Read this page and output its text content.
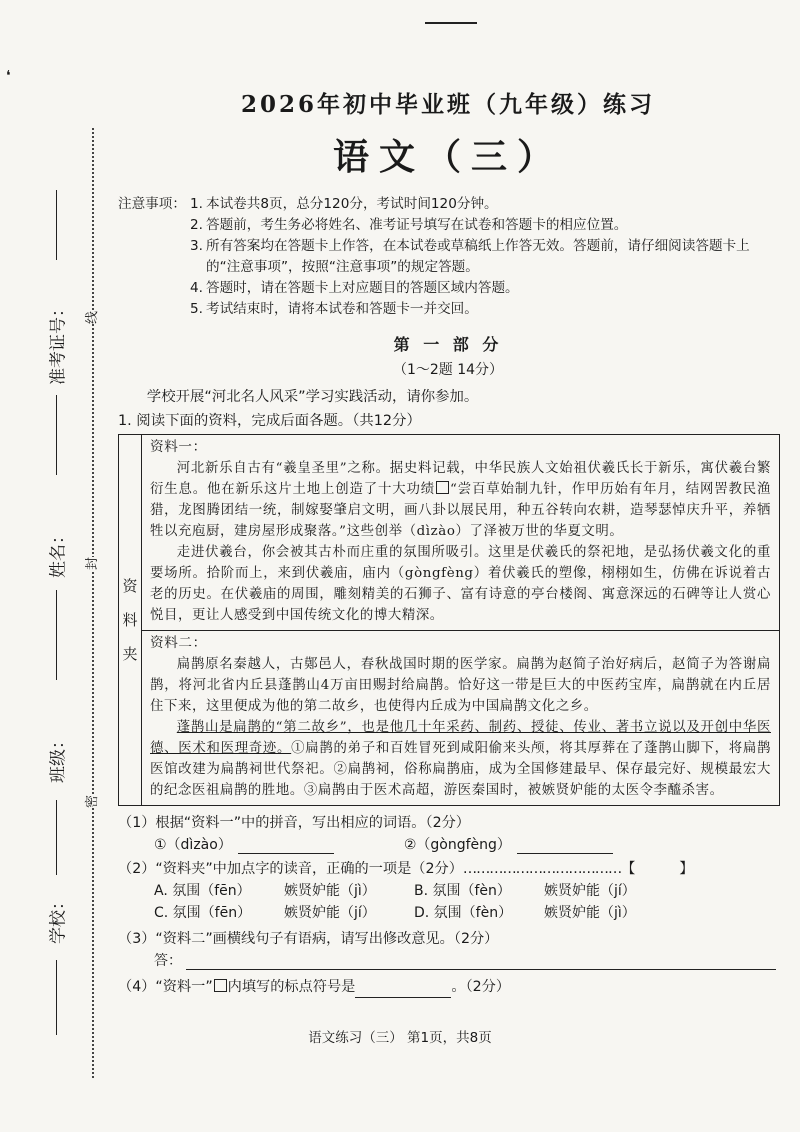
❛
准考证号：	线
姓名：	封
班级：
密
学校：
2026年初中毕业班（九年级）练习
语文（三）
注意事项： 1. 本试卷共8页，总分120分，考试时间120分钟。
2. 答题前，考生务必将姓名、准考证号填写在试卷和答题卡的相应位置。
3. 所有答案均在答题卡上作答，在本试卷或草稿纸上作答无效。答题前，请仔细阅读答题卡上的“注意事项”，按照“注意事项”的规定答题。
4. 答题时，请在答题卡上对应题目的答题区域内答题。
5. 考试结束时，请将本试卷和答题卡一并交回。
第 一 部 分
（1～2题 14分）
学校开展“河北名人风采”学习实践活动，请你参加。
1. 阅读下面的资料，完成后面各题。（共12分）
资
料
夹
资料一：

河北新乐自古有“羲皇圣里”之称。据史料记载，中华民族人文始祖伏羲氏长于新乐，寓伏羲台繁衍生息。他在新乐这片土地上创造了十大功绩 “尝百草始制九针，作甲历始有年月，结网罟教民渔猎，龙图腾团结一统，制嫁娶肇启文明，画八卦以展民用，种五谷转向农耕，造琴瑟悼庆升平，养牺牲以充庖厨，建房屋形成聚落。”这些创举（dìzào）了泽被万世的华夏文明。

走进伏羲台，你会被其古朴而庄重的氛围所吸引。这里是伏羲氏的祭祀地，是弘扬伏羲文化的重要场所。拾阶而上，来到伏羲庙，庙内（gòngfèng）着伏羲氏的塑像，栩栩如生，仿佛在诉说着古老的历史。在伏羲庙的周围，雕刻精美的石狮子、富有诗意的亭台楼阁、寓意深远的石碑等让人赏心悦目，更让人感受到中国传统文化的博大精深。

资料二：

扁鹊原名秦越人，古鄚邑人，春秋战国时期的医学家。扁鹊为赵简子治好病后，赵简子为答谢扁鹊，将河北省内丘县蓬鹊山4万亩田赐封给扁鹊。恰好这一带是巨大的中医药宝库，扁鹊就在内丘居住下来，这里便成为他的第二故乡，也使得内丘成为中国扁鹊文化之乡。

蓬鹊山是扁鹊的“第二故乡”，也是他几十年采药、制药、授徒、传业、著书立说以及开创中华医德、医术和医理奇迹。①扁鹊的弟子和百姓冒死到咸阳偷来头颅，将其厚葬在了蓬鹊山脚下，将扁鹊医馆改建为扁鹊祠世代祭祀。②扁鹊祠，俗称扁鹊庙，成为全国修建最早、保存最完好、规模最宏大的纪念医祖扁鹊的胜地。③扁鹊由于医术高超，游医秦国时，被嫉贤妒能的太医令李醯杀害。

（1）根据“资料一”中的拼音，写出相应的词语。（2分）
①（dìzào）	②（gòngfèng）
（2）“资料夹”中加点字的读音，正确的一项是（2分）………………………………【	】
A. 氛围（fēn）	嫉贤妒能（jì）	B. 氛围（fèn）	嫉贤妒能（jí）
C. 氛围（fēn）	嫉贤妒能（jí）	D. 氛围（fèn）	嫉贤妒能（jì）
（3）“资料二”画横线句子有语病，请写出修改意见。（2分）
答：
（4）“资料一” 内填写的标点符号是	。（2分）
语文练习（三） 第1页，共8页
